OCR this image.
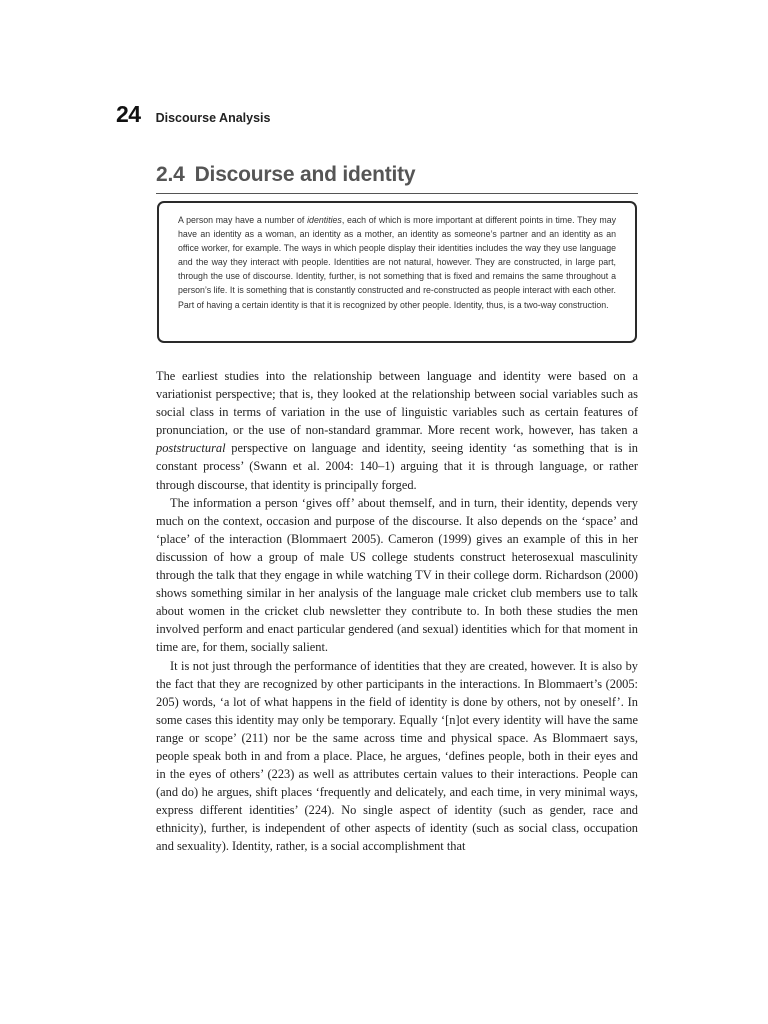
24 Discourse Analysis
2.4 Discourse and identity
A person may have a number of identities, each of which is more important at different points in time. They may have an identity as a woman, an identity as a mother, an identity as someone’s partner and an identity as an office worker, for example. The ways in which people display their identities includes the way they use language and the way they interact with people. Identities are not natural, however. They are constructed, in large part, through the use of discourse. Identity, further, is not something that is fixed and remains the same throughout a person’s life. It is something that is constantly constructed and re-constructed as people interact with each other. Part of having a certain identity is that it is recognized by other people. Identity, thus, is a two-way construction.

The earliest studies into the relationship between language and identity were based on a variationist perspective; that is, they looked at the relationship between social variables such as social class in terms of variation in the use of linguistic variables such as certain features of pronunciation, or the use of non-standard grammar. More recent work, however, has taken a poststructural perspective on language and identity, seeing identity ‘as something that is in constant process’ (Swann et al. 2004: 140–1) arguing that it is through language, or rather through discourse, that identity is principally forged.

The information a person ‘gives off’ about themself, and in turn, their identity, depends very much on the context, occasion and purpose of the discourse. It also depends on the ‘space’ and ‘place’ of the interaction (Blommaert 2005). Cameron (1999) gives an example of this in her discussion of how a group of male US college students construct heterosexual masculinity through the talk that they engage in while watching TV in their college dorm. Richardson (2000) shows something similar in her analysis of the language male cricket club members use to talk about women in the cricket club newsletter they contribute to. In both these studies the men involved perform and enact particular gendered (and sexual) identities which for that moment in time are, for them, socially salient.

It is not just through the performance of identities that they are created, however. It is also by the fact that they are recognized by other participants in the interactions. In Blommaert’s (2005: 205) words, ‘a lot of what happens in the field of identity is done by others, not by oneself’. In some cases this identity may only be temporary. Equally ‘[n]ot every identity will have the same range or scope’ (211) nor be the same across time and physical space. As Blommaert says, people speak both in and from a place. Place, he argues, ‘defines people, both in their eyes and in the eyes of others’ (223) as well as attributes certain values to their interactions. People can (and do) he argues, shift places ‘frequently and delicately, and each time, in very minimal ways, express different identities’ (224). No single aspect of identity (such as gender, race and ethnicity), further, is independent of other aspects of identity (such as social class, occupation and sexuality). Identity, rather, is a social accomplishment that
